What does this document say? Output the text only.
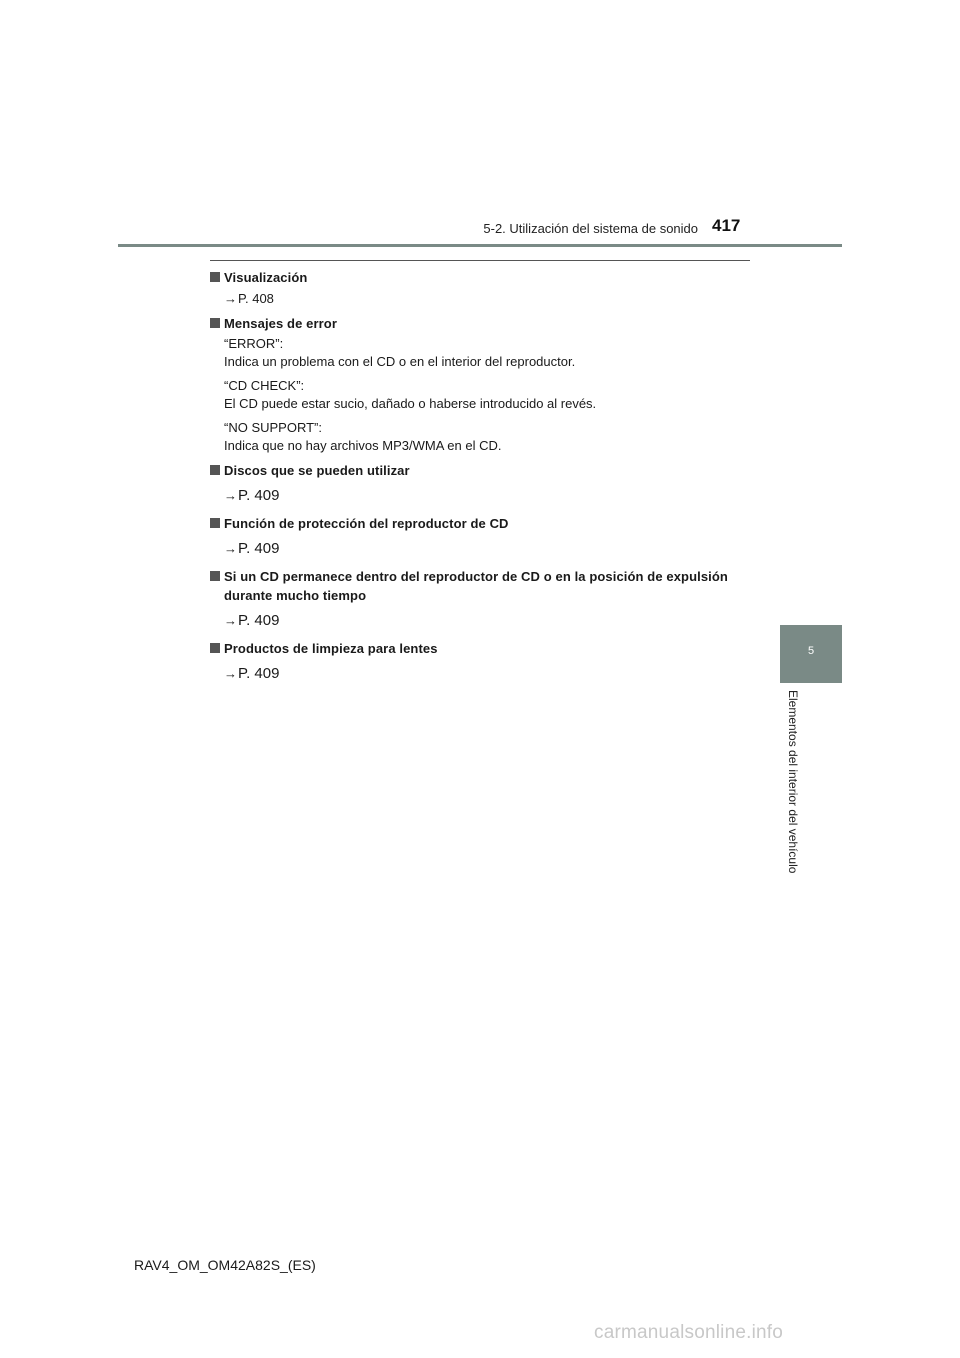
5-2. Utilización del sistema de sonido 417
Visualización
→P. 408
Mensajes de error

“ERROR”:

Indica un problema con el CD o en el interior del reproductor.

“CD CHECK”:

El CD puede estar sucio, dañado o haberse introducido al revés.

“NO SUPPORT”:

Indica que no hay archivos MP3/WMA en el CD.

Discos que se pueden utilizar
→P. 409
Función de protección del reproductor de CD
→P. 409
Si un CD permanece dentro del reproductor de CD o en la posición de expulsión durante mucho tiempo
→P. 409
Productos de limpieza para lentes
→P. 409
5
Elementos del interior del vehículo
RAV4_OM_OM42A82S_(ES)
carmanualsonline.info
